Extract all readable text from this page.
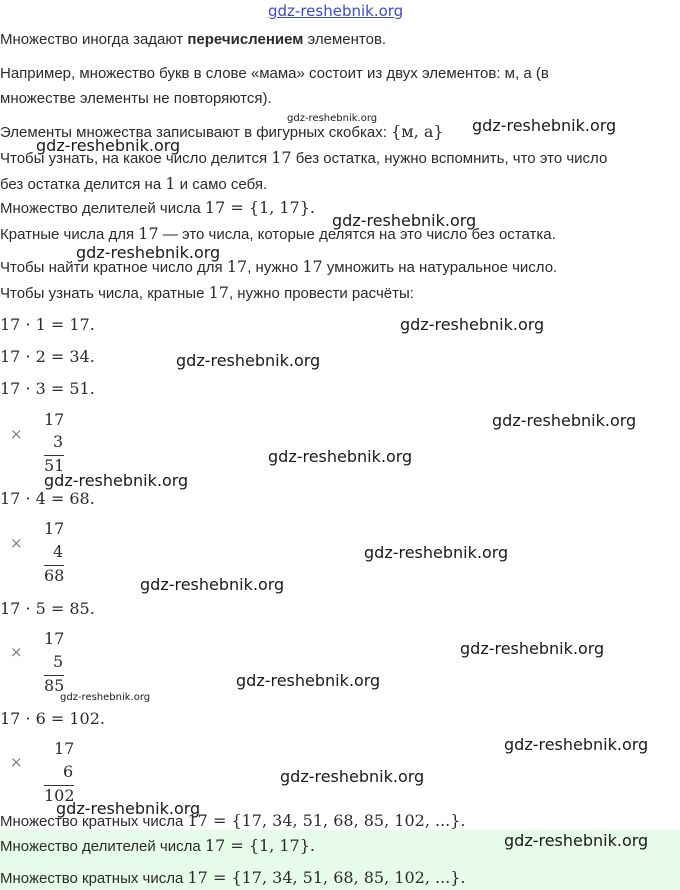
gdz-reshebnik.org
gdz-reshebnik.org	gdz-reshebnik.org
gdz-reshebnik.org
gdz-reshebnik.org
gdz-reshebnik.org
gdz-reshebnik.org
gdz-reshebnik.org
gdz-reshebnik.org
gdz-reshebnik.org
gdz-reshebnik.org
gdz-reshebnik.org
gdz-reshebnik.org
gdz-reshebnik.org
gdz-reshebnik.org
gdz-reshebnik.org
gdz-reshebnik.org
gdz-reshebnik.org
gdz-reshebnik.org
gdz-reshebnik.org
Множество иногда задают перечислением элементов.
Например, множество букв в слове «мама» состоит из двух элементов: м, а (в
множестве элементы не повторяются).
Элементы множества записывают в фигурных скобках: {м, а}
Чтобы узнать, на какое число делится 17 без остатка, нужно вспомнить, что это число
без остатка делится на 1 и само себя.
Множество делителей числа 17 = {1, 17}.
Кратные числа для 17 — это числа, которые делятся на это число без остатка.
Чтобы найти кратное число для 17, нужно 17 умножить на натуральное число.
Чтобы узнать числа, кратные 17, нужно провести расчёты:
17 · 1 = 17.
17 · 2 = 34.
17 · 3 = 51.
17 · 4 = 68.
17 · 5 = 85.
17 · 6 = 102.
×
17
3
51
×
17
4
68
×
17
5
85
×
17
6
102
Множество кратных числа 17 = {17, 34, 51, 68, 85, 102, ...}.
Множество делителей числа 17 = {1, 17}.
Множество кратных числа 17 = {17, 34, 51, 68, 85, 102, ...}.
